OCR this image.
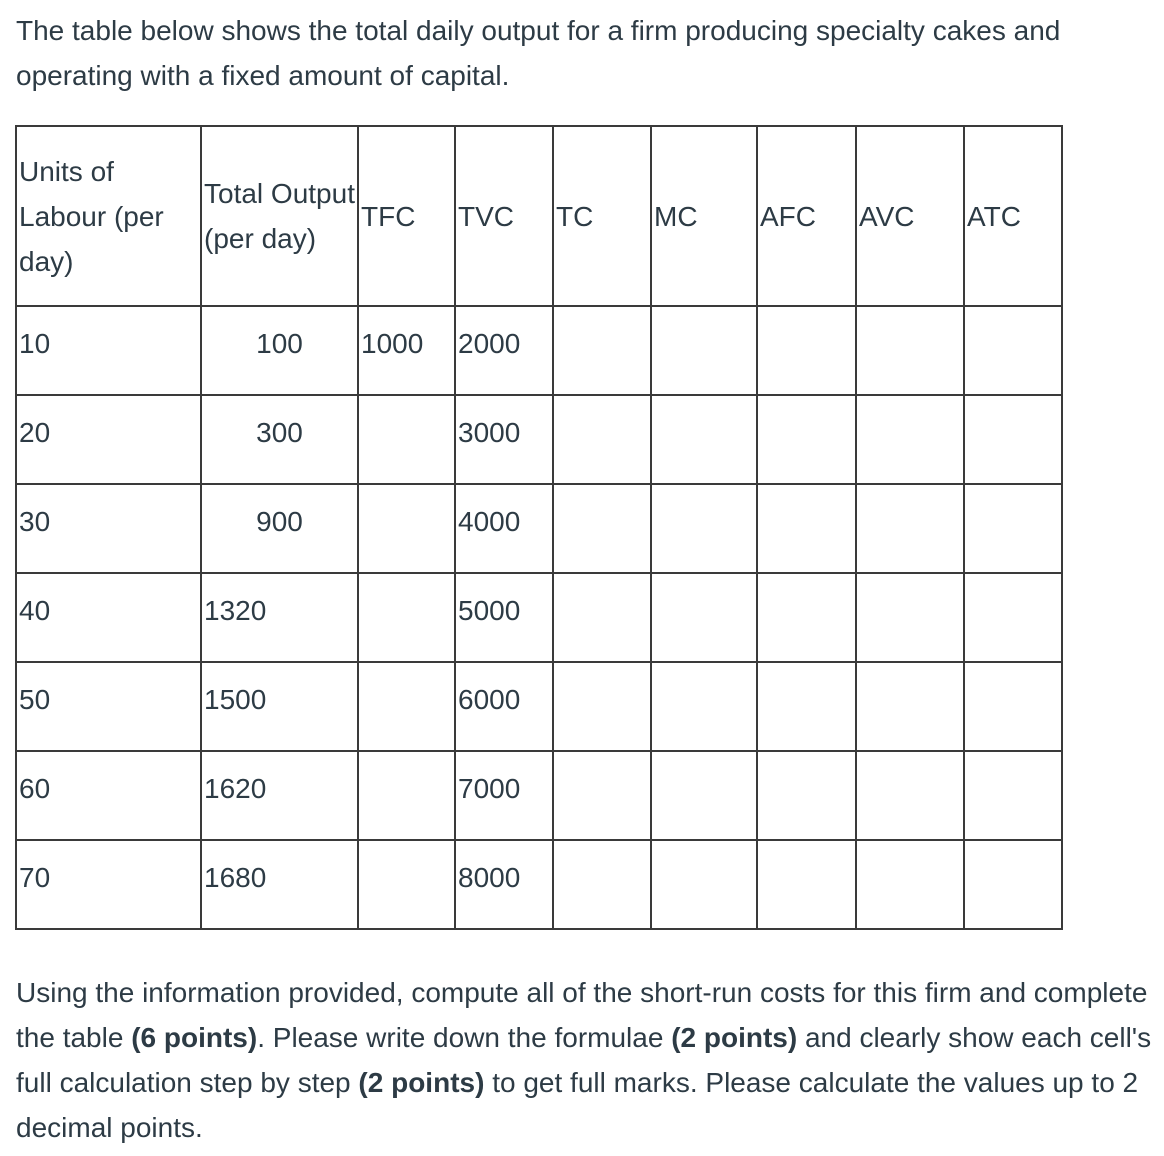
The table below shows the total daily output for a firm producing specialty cakes and
operating with a fixed amount of capital.
Units of Labour (per day)	Total Output (per day)	TFC	TVC	TC	MC	AFC	AVC	ATC
10	100	1000	2000					
20	300		3000					
30	900		4000					
40	1320		5000					
50	1500		6000					
60	1620		7000					
70	1680		8000					
Using the information provided, compute all of the short-run costs for this firm and complete the table (6 points). Please write down the formulae (2 points) and clearly show each cell's full calculation step by step (2 points) to get full marks. Please calculate the values up to 2 decimal points.
